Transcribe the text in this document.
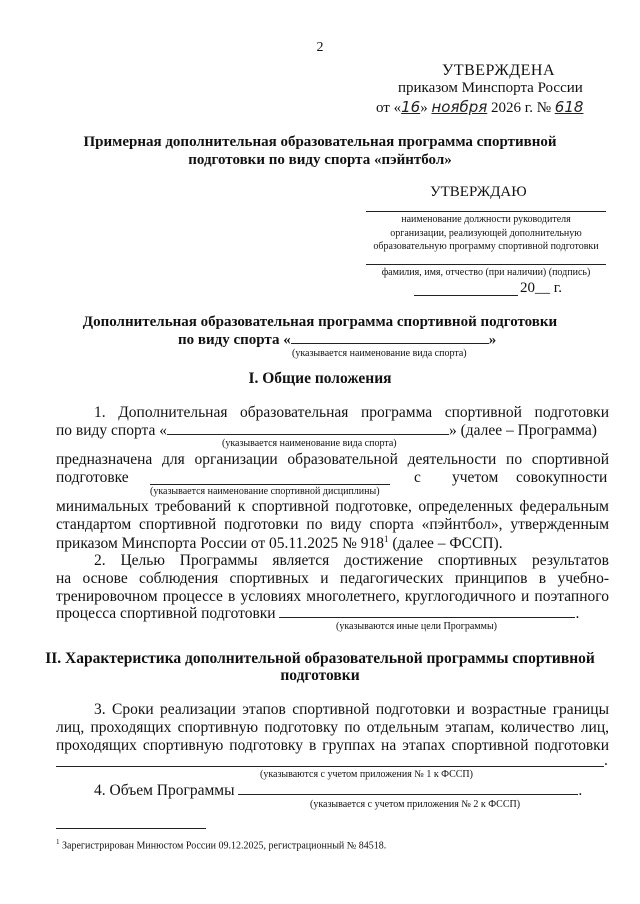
2
УТВЕРЖДЕНА
приказом Минспорта России
от «16» ноября 2026 г. № 618
Примерная дополнительная образовательная программа спортивной
подготовки по виду спорта «пэйнтбол»
УТВЕРЖДАЮ
наименование должности руководителя
организации, реализующей дополнительную
образовательную программу спортивной подготовки
фамилия, имя, отчество (при наличии) (подпись)
20__ г.
Дополнительная образовательная программа спортивной подготовки
по виду спорта «	»
(указывается наименование вида спорта)
I. Общие положения
1. Дополнительная образовательная программа спортивной подготовки
по виду спорта «	» (далее – Программа)
(указывается наименование вида спорта)
предназначена для организации образовательной деятельности по спортивной
подготовке	с учетом совокупности
(указывается наименование спортивной дисциплины)
минимальных требований к спортивной подготовке, определенных федеральным
стандартом спортивной подготовки по виду спорта «пэйнтбол», утвержденным
приказом Минспорта России от 05.11.2025 № $918^1$ (далее – ФССП).
2. Целью Программы является достижение спортивных результатов
на основе соблюдения спортивных и педагогических принципов в учебно-
тренировочном процессе в условиях многолетнего, круглогодичного и поэтапного
процесса спортивной подготовки	.
(указываются иные цели Программы)
II. Характеристика дополнительной образовательной программы спортивной
подготовки
3. Сроки реализации этапов спортивной подготовки и возрастные границы
лиц, проходящих спортивную подготовку по отдельным этапам, количество лиц,
проходящих спортивную подготовку в группах на этапах спортивной подготовки
.
(указываются с учетом приложения № 1 к ФССП)
4. Объем Программы	.
(указывается с учетом приложения № 2 к ФССП)
$^1$ Зарегистрирован Минюстом России 09.12.2025, регистрационный № 84518.
